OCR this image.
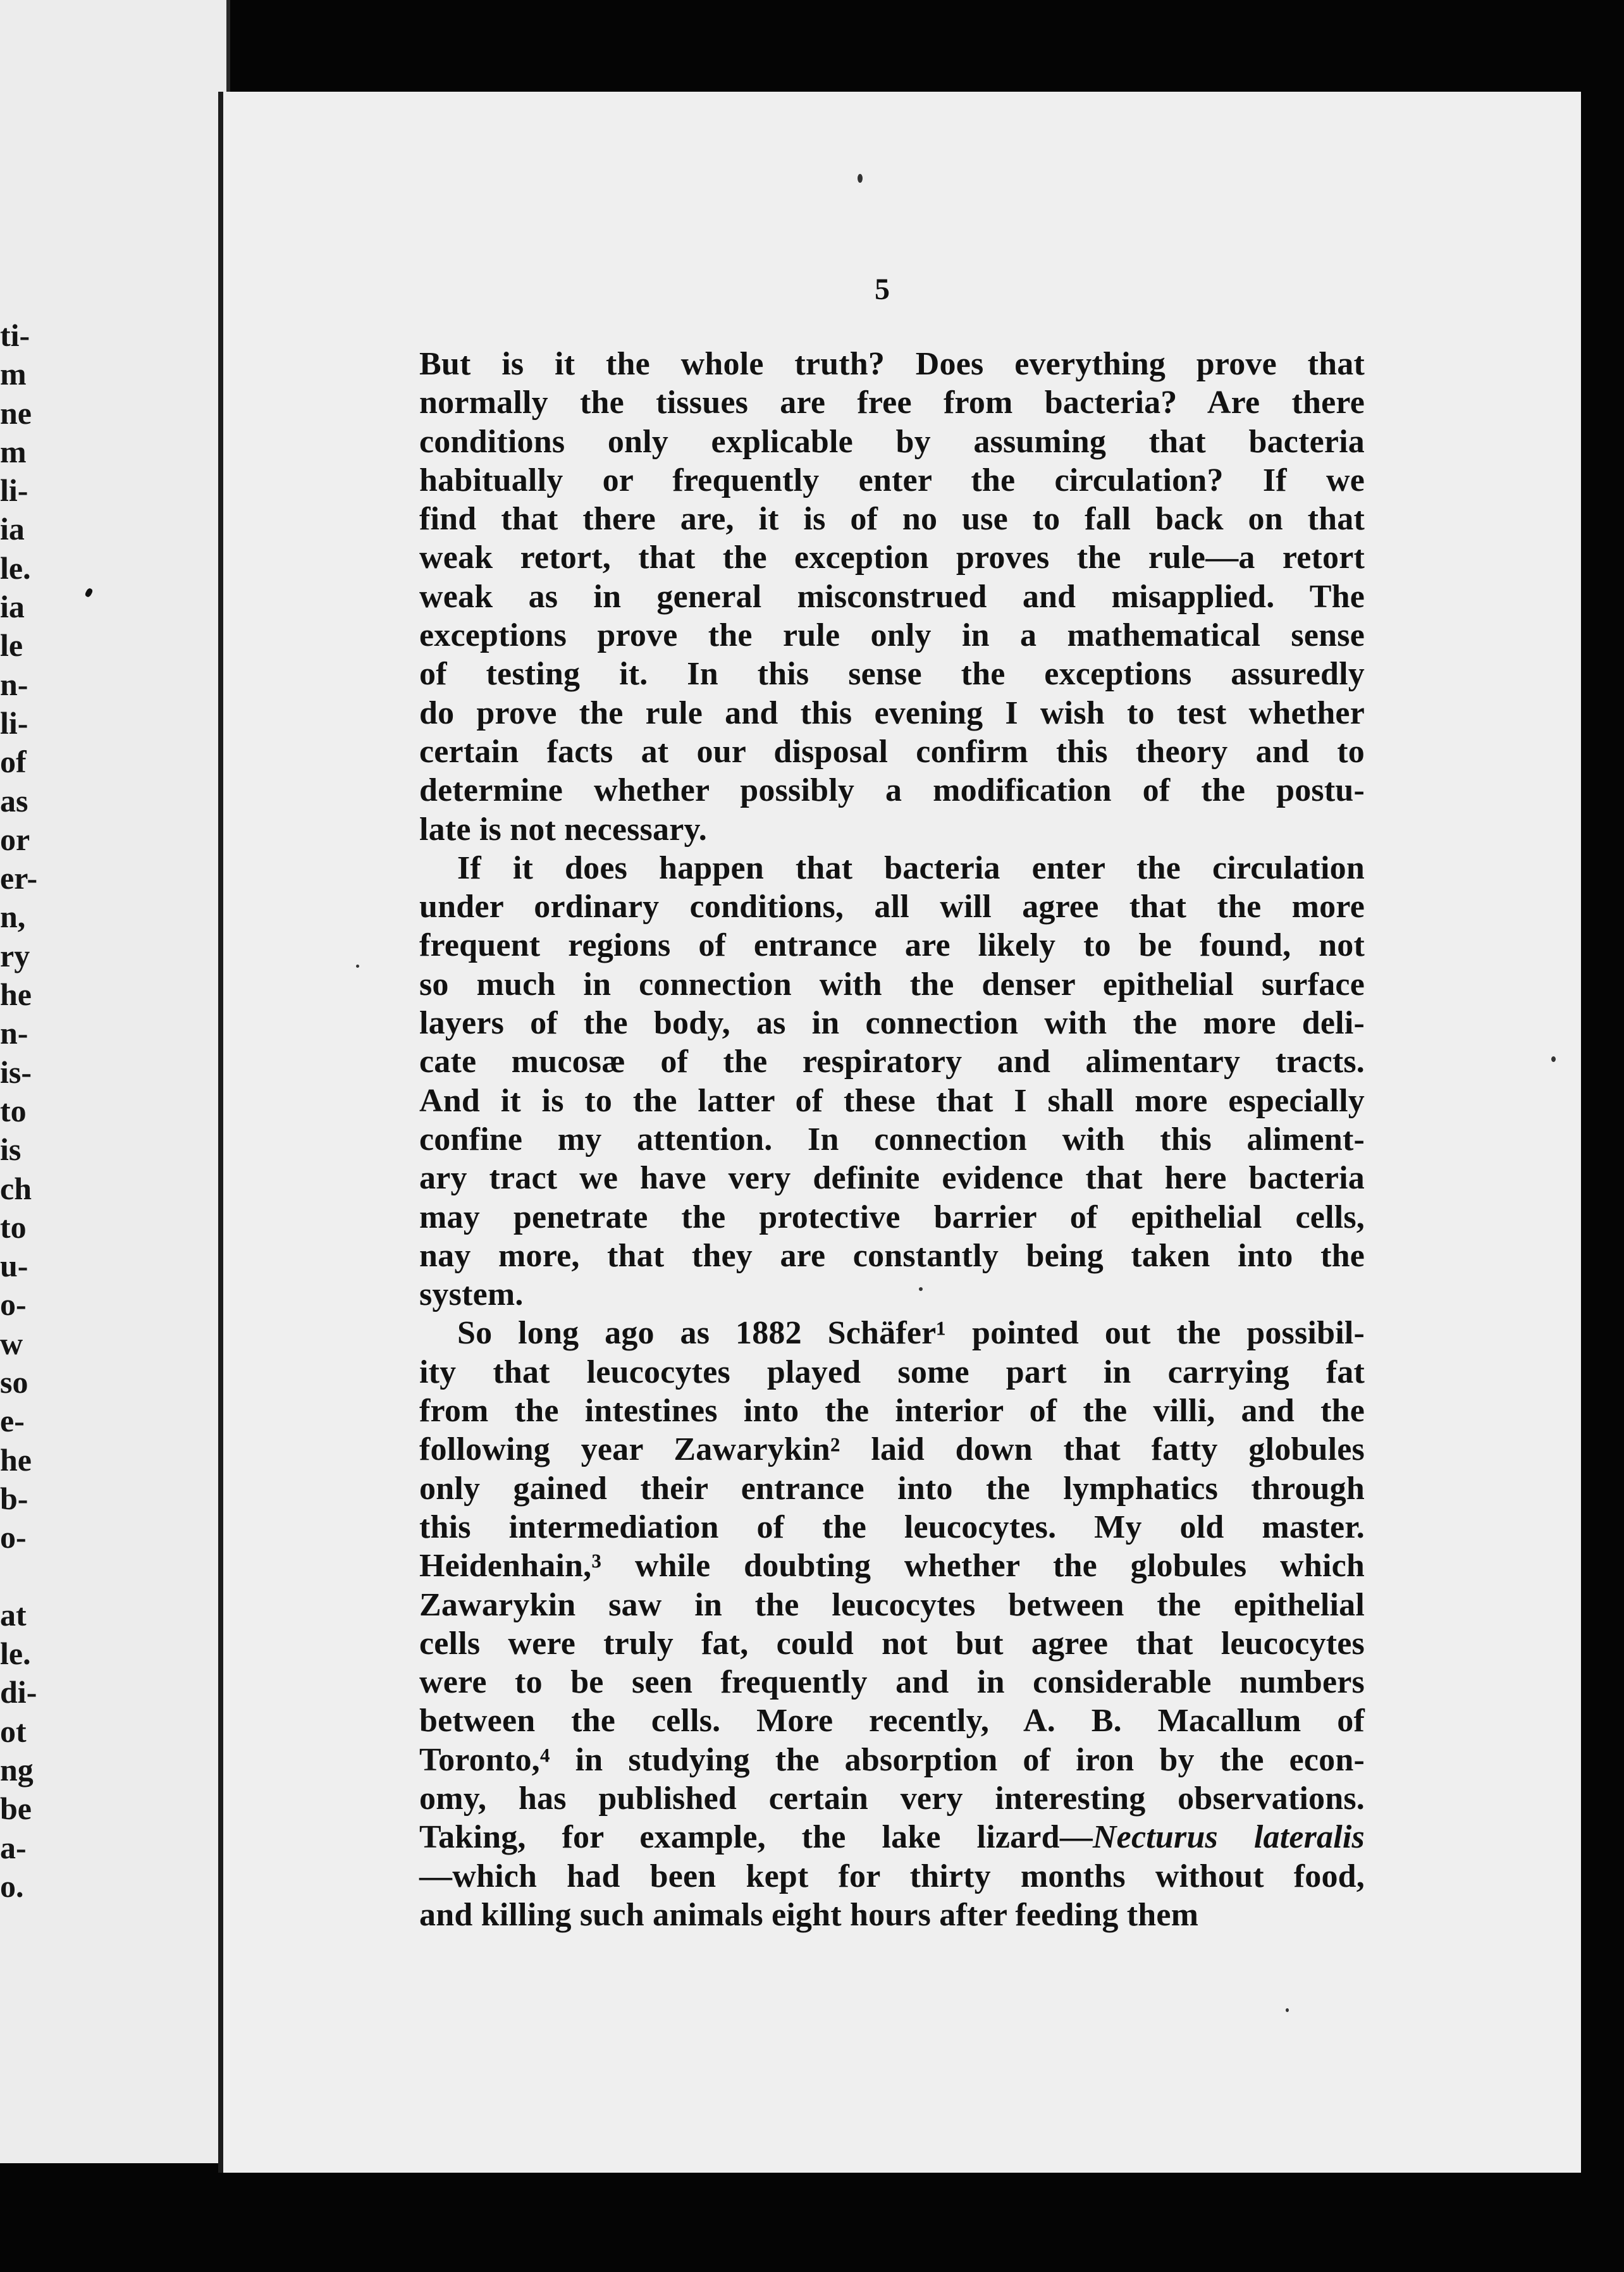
ti-
m
ne
m
li-
ia
le.
ia
le
n-
li-
of
as
or
er-
n,
ry
he
n-
is-
to
is
ch
to
u-
o-
w
so
e-
he
b-
o-
at
le.
di-
ot
ng
be
a-
o.

5

But is it the whole truth? Does everything prove that
normally the tissues are free from bacteria? Are there
conditions only explicable by assuming that bacteria
habitually or frequently enter the circulation? If we
find that there are, it is of no use to fall back on that
weak retort, that the exception proves the rule—a retort
weak as in general misconstrued and misapplied. The
exceptions prove the rule only in a mathematical sense
of testing it. In this sense the exceptions assuredly
do prove the rule and this evening I wish to test whether
certain facts at our disposal confirm this theory and to
determine whether possibly a modification of the postu-
late is not necessary.
If it does happen that bacteria enter the circulation
under ordinary conditions, all will agree that the more
frequent regions of entrance are likely to be found, not
so much in connection with the denser epithelial surface
layers of the body, as in connection with the more deli-
cate mucosæ of the respiratory and alimentary tracts.
And it is to the latter of these that I shall more especially
confine my attention. In connection with this aliment-
ary tract we have very definite evidence that here bacteria
may penetrate the protective barrier of epithelial cells,
nay more, that they are constantly being taken into the
system.
So long ago as 1882 Schäfer¹ pointed out the possibil-
ity that leucocytes played some part in carrying fat
from the intestines into the interior of the villi, and the
following year Zawarykin² laid down that fatty globules
only gained their entrance into the lymphatics through
this intermediation of the leucocytes. My old master.
Heidenhain,³ while doubting whether the globules which
Zawarykin saw in the leucocytes between the epithelial
cells were truly fat, could not but agree that leucocytes
were to be seen frequently and in considerable numbers
between the cells. More recently, A. B. Macallum of
Toronto,⁴ in studying the absorption of iron by the econ-
omy, has published certain very interesting observations.
Taking, for example, the lake lizard—Necturus lateralis
—which had been kept for thirty months without food,
and killing such animals eight hours after feeding them
